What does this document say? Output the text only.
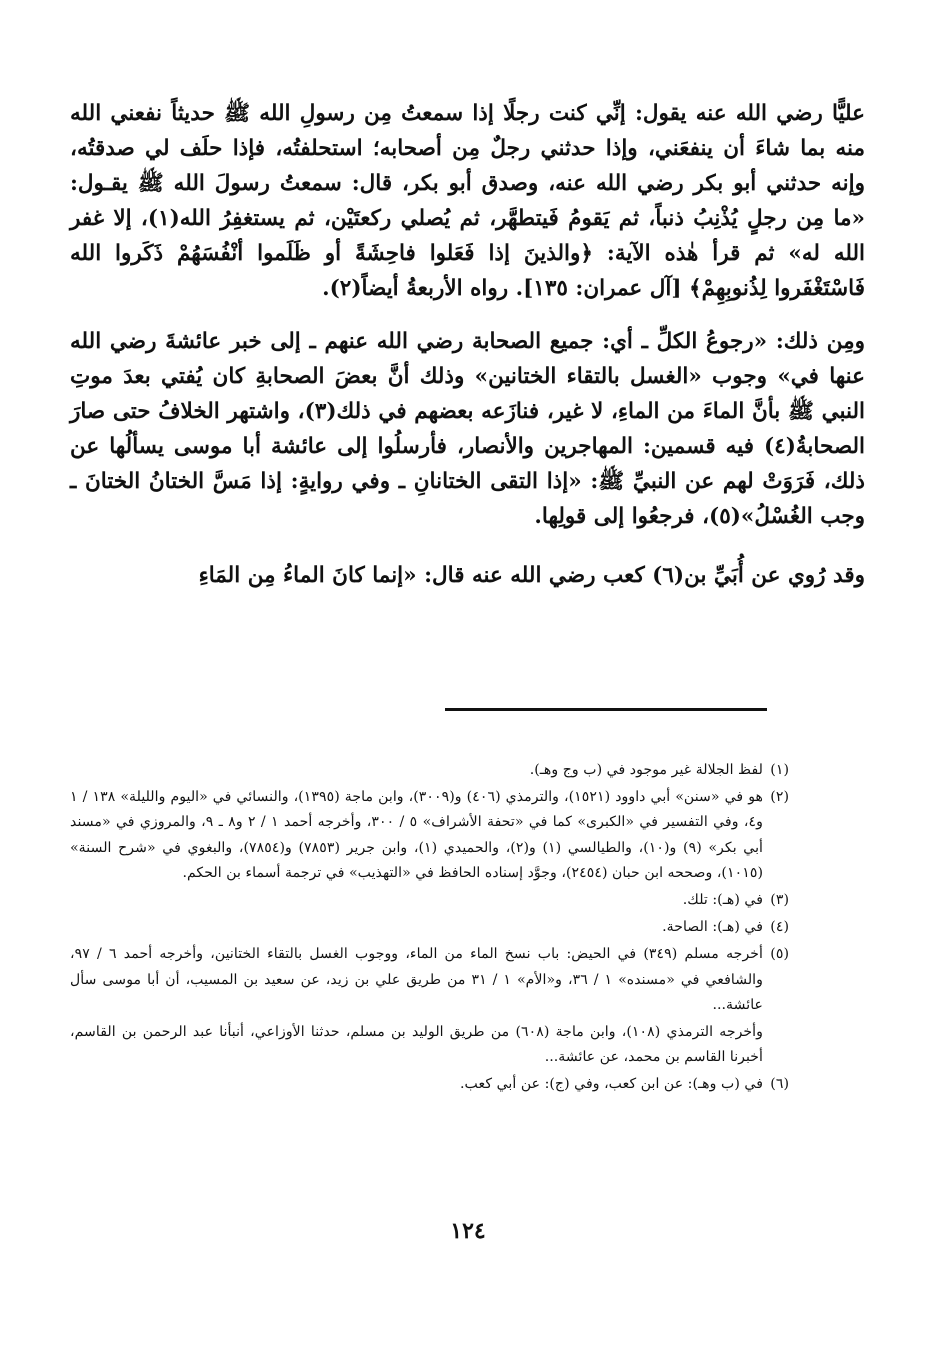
عليًّا رضي الله عنه يقول: إنِّي كنت رجلًا إذا سمعتُ مِن رسولِ الله ﷺ حديثاً نفعني الله منه بما شاءَ أن ينفعَني، وإذا حدثني رجلٌ مِن أصحابه؛ استحلفتُه، فإذا حلَف لي صدقتُه، وإنه حدثني أبو بكر رضي الله عنه، وصدق أبو بكر، قال: سمعتُ رسولَ الله ﷺ يقـول: «ما مِن رجلٍ يُذْنِبُ ذنباً، ثم يَقومُ فَيتطهَّر، ثم يُصلي ركعتَيْن، ثم يستغفِرُ الله(١)، إلا غفر الله له» ثم قرأ هٰذه الآية: ﴿والذينَ إذا فَعَلوا فاحِشَةً أو ظَلَموا أنْفُسَهُمْ ذَكَروا الله فَاسْتَغْفَروا لِذُنوبِهِمْ﴾ [آل عمران: ١٣٥]. رواه الأربعةُ أيضاً(٢).

ومِن ذلك: «رجوعُ الكلِّ ـ أي: جميع الصحابة رضي الله عنهم ـ إلى خبر عائشةَ رضي الله عنها في» وجوب «الغسل بالتقاء الختانين» وذلك أنَّ بعضَ الصحابةِ كان يُفتي بعدَ موتِ النبي ﷺ بأنَّ الماءَ من الماءِ، لا غير، فنازَعه بعضهم في ذلك(٣)، واشتهر الخلافُ حتى صارَ الصحابةُ(٤) فيه قسمين: المهاجرين والأنصار، فأرسلُوا إلى عائشة أبا موسى يسألُها عن ذلك، فَرَوَتْ لهم عن النبيِّ ﷺ: «إذا التقى الختانانِ ـ وفي روايةٍ: إذا مَسَّ الختانُ الختانَ ـ وجب الغُسْلُ»(٥)، فرجعُوا إلى قولِها.

وقد رُوي عن أُبَيِّ بن(٦) كعب رضي الله عنه قال: «إنما كانَ الماءُ مِن المَاءِ

(١)
لفظ الجلالة غير موجود في (ب وج وهـ).
(٢)
هو في «سنن» أبي داوود (١٥٢١)، والترمذي (٤٠٦) و(٣٠٠٩)، وابن ماجة (١٣٩٥)، والنسائي في «اليوم والليلة» ١٣٨ / ١ و٤، وفي التفسير في «الكبرى» كما في «تحفة الأشراف» ٥ / ٣٠٠، وأخرجه أحمد ١ / ٢ و٨ ـ ٩، والمروزي في «مسند أبي بكر» (٩) و(١٠)، والطيالسي (١) و(٢)، والحميدي (١)، وابن جرير (٧٨٥٣) و(٧٨٥٤)، والبغوي في «شرح السنة» (١٠١٥)، وصححه ابن حبان (٢٤٥٤)، وجوَّد إسناده الحافظ في «التهذيب» في ترجمة أسماء بن الحكم.
(٣)
في (هـ): تلك.
(٤)
في (هـ): الصاحة.
(٥)
أخرجه مسلم (٣٤٩) في الحيض: باب نسخ الماء من الماء، ووجوب الغسل بالتقاء الختانين، وأخرجه أحمد ٦ / ٩٧، والشافعي في «مسنده» ١ / ٣٦، و«الأم» ١ / ٣١ من طريق علي بن زيد، عن سعيد بن المسيب، أن أبا موسى سأل عائشة...
وأخرجه الترمذي (١٠٨)، وابن ماجة (٦٠٨) من طريق الوليد بن مسلم، حدثنا الأوزاعي، أنبأنا عبد الرحمن بن القاسم، أخبرنا القاسم بن محمد، عن عائشة...
(٦)
في (ب وهـ): عن ابن كعب، وفي (ج): عن أبي كعب.
١٢٤
